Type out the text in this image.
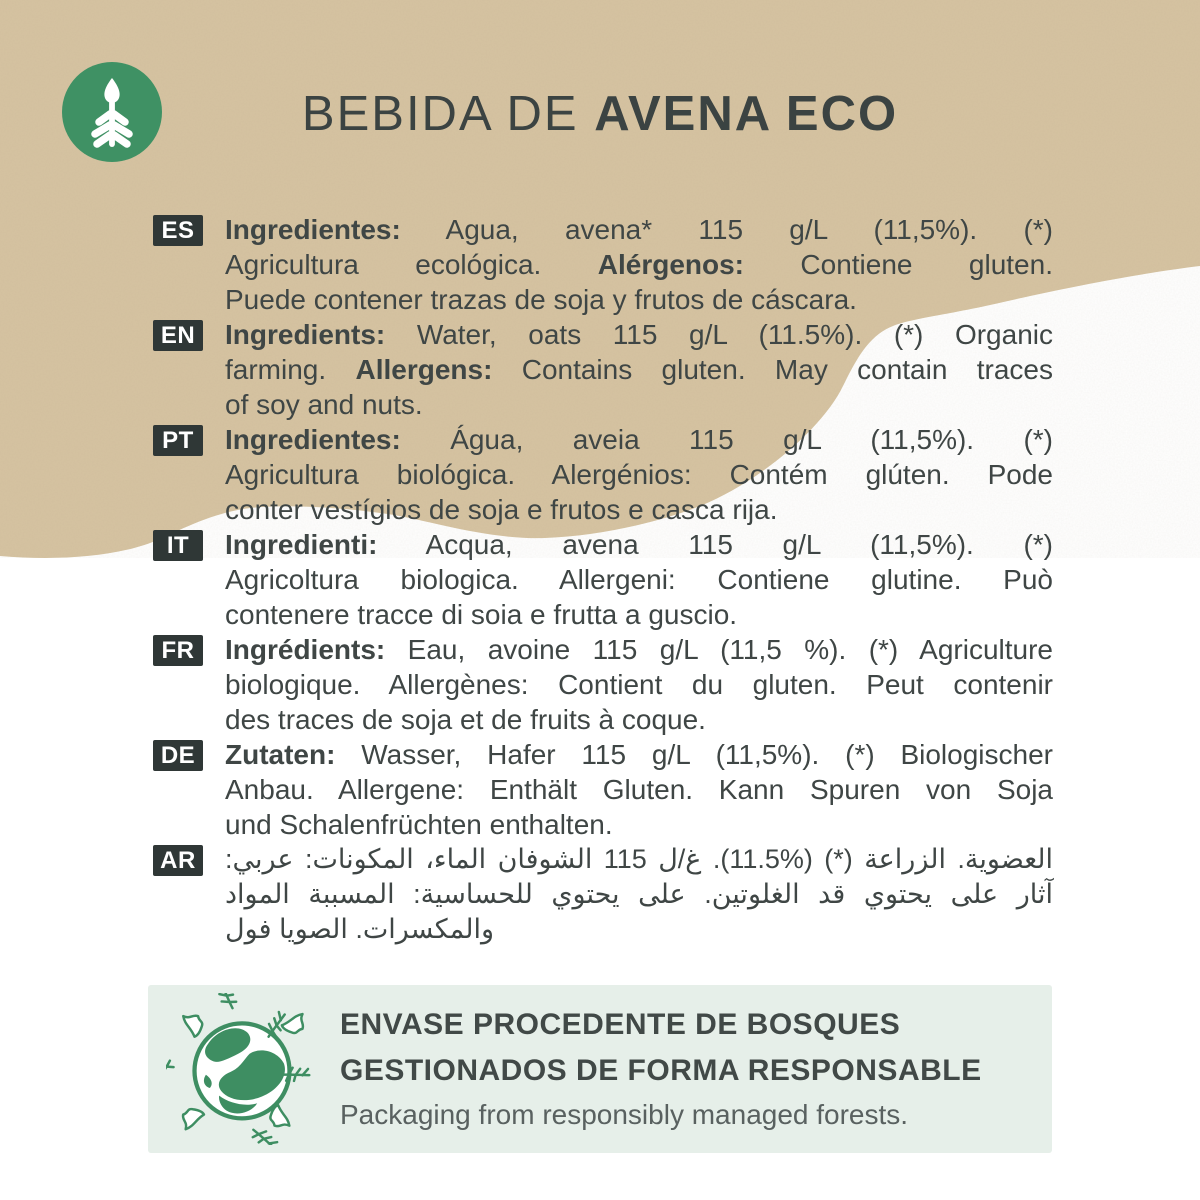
BEBIDA DE AVENA ECO
ES	Ingredientes: Agua, avena* 115 g/L (11,5%). (*)
Agricultura ecológica. Alérgenos: Contiene gluten.
Puede contener trazas de soja y frutos de cáscara.
EN Ingredients: Water, oats 115 g/L (11.5%). (*) Organic
farming. Allergens: Contains gluten. May contain traces
of soy and nuts.
PT	Ingredientes: Água, aveia 115 g/L (11,5%). (*)
Agricultura biológica. Alergénios: Contém glúten. Pode
conter vestígios de soja e frutos e casca rija.
IT	Ingredienti: Acqua, avena 115 g/L (11,5%). (*)
Agricoltura biologica. Allergeni: Contiene glutine. Può
contenere tracce di soia e frutta a guscio.
FR	Ingrédients: Eau, avoine 115 g/L (11,5 %). (*) Agriculture
biologique. Allergènes: Contient du gluten. Peut contenir
des traces de soja et de fruits à coque.
DE Zutaten: Wasser, Hafer 115 g/L (11,5%). (*) Biologischer
Anbau. Allergene: Enthält Gluten. Kann Spuren von Soja
und Schalenfrüchten enthalten.
AR عربي: المكونات: الماء، الشوفان 115 غ/ل (11.5%). (*) الزراعة العضوية.
المواد المسببة للحساسية: يحتوي على الغلوتين. قد يحتوي على آثار
فول الصويا والمكسرات.
ENVASE PROCEDENTE DE BOSQUES
GESTIONADOS DE FORMA RESPONSABLE
Packaging from responsibly managed forests.
